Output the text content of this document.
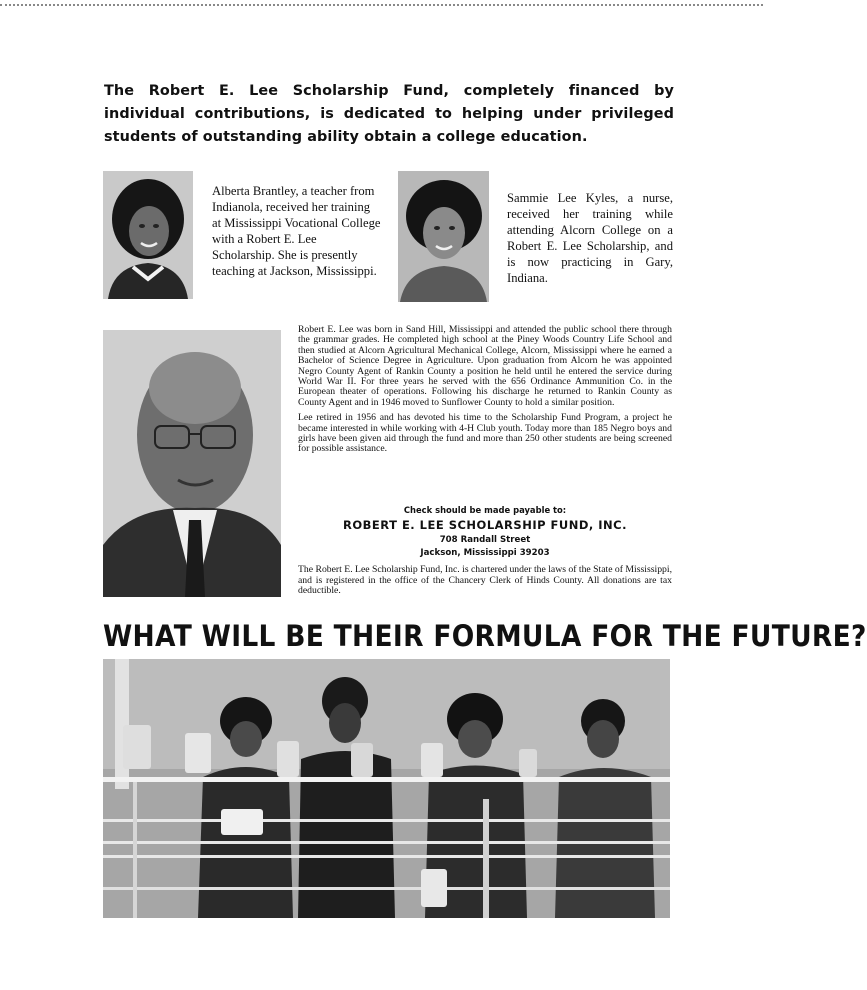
The Robert E. Lee Scholarship Fund, completely financed by individual contributions, is dedicated to helping under privileged students of outstanding ability obtain a college education.

Alberta Brantley, a teacher from Indianola, received her training at Mississippi Vocational College with a Robert E. Lee Scholarship. She is presently teaching at Jackson, Mississippi.

Sammie Lee Kyles, a nurse, received her training while attending Alcorn College on a Robert E. Lee Scholarship, and is now practicing in Gary, Indiana.

Robert E. Lee was born in Sand Hill, Mississippi and attended the public school there through the grammar grades. He completed high school at the Piney Woods Country Life School and then studied at Alcorn Agricultural Mechanical College, Alcorn, Mississippi where he earned a Bachelor of Science Degree in Agriculture. Upon graduation from Alcorn he was appointed Negro County Agent of Rankin County a position he held until he entered the service during World War II. For three years he served with the 656 Ordinance Ammunition Co. in the European theater of operations. Following his discharge he returned to Rankin County as County Agent and in 1946 moved to Sunflower County to hold a similar position.

Lee retired in 1956 and has devoted his time to the Scholarship Fund Program, a project he became interested in while working with 4-H Club youth. Today more than 185 Negro boys and girls have been given aid through the fund and more than 250 other students are being screened for possible assistance.

Check should be made payable to:

ROBERT E. LEE SCHOLARSHIP FUND, INC.

708 Randall Street

Jackson, Mississippi 39203

The Robert E. Lee Scholarship Fund, Inc. is chartered under the laws of the State of Mississippi, and is registered in the office of the Chancery Clerk of Hinds County. All donations are tax deductible.

WHAT WILL BE THEIR FORMULA FOR THE FUTURE?
